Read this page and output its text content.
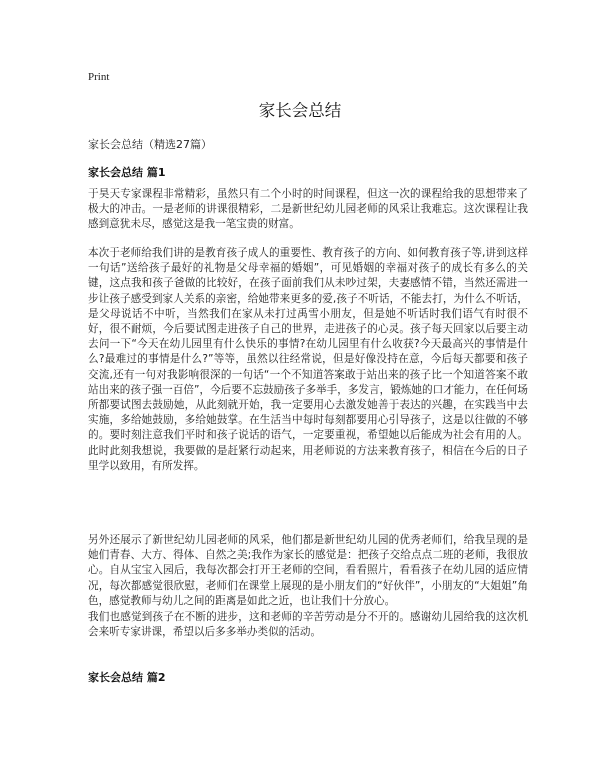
Print
家长会总结
家长会总结（精选27篇）
家长会总结 篇1

于昊天专家课程非常精彩，虽然只有二个小时的时间课程，但这一次的课程给我的思想带来了极大的冲击。一是老师的讲课很精彩，二是新世纪幼儿园老师的风采让我难忘。这次课程让我感到意犹未尽，感觉这是我一笔宝贵的财富。

本次于老师给我们讲的是教育孩子成人的重要性、教育孩子的方向、如何教育孩子等,讲到这样一句话”送给孩子最好的礼物是父母幸福的婚姻”，可见婚姻的幸福对孩子的成长有多么的关键，这点我和孩子爸做的比较好，在孩子面前我们从未吵过架，夫妻感情不错，当然还需进一步让孩子感受到家人关系的亲密，给她带来更多的爱,孩子不听话，不能去打，为什么不听话，是父母说话不中听，当然我们在家从未打过禹雪小朋友，但是她不听话时我们语气有时很不好，很不耐烦，今后要试图走进孩子自己的世界，走进孩子的心灵。孩子每天回家以后要主动去问一下“今天在幼儿园里有什么快乐的事情?在幼儿园里有什么收获?今天最高兴的事情是什么?最难过的事情是什么?”等等，虽然以往经常说，但是好像没持在意，今后每天都要和孩子交流,还有一句对我影响很深的一句话“一个不知道答案敢于站出来的孩子比一个知道答案不敢站出来的孩子强一百倍”，今后要不忘鼓励孩子多举手，多发言，锻炼她的口才能力，在任何场所都要试图去鼓励她，从此刻就开始，我一定要用心去激发她善于表达的兴趣，在实践当中去实施，多给她鼓励，多给她鼓掌。在生活当中每时每刻都要用心引导孩子，这是以往做的不够的。要时刻注意我们平时和孩子说话的语气，一定要重视，希望她以后能成为社会有用的人。此时此刻我想说，我要做的是赶紧行动起来，用老师说的方法来教育孩子，相信在今后的日子里学以致用，有所发挥。

另外还展示了新世纪幼儿园老师的风采，他们都是新世纪幼儿园的优秀老师们，给我呈现的是她们青春、大方、得体、自然之美;我作为家长的感觉是：把孩子交给点点二班的老师，我很放心。自从宝宝入园后，我每次都会打开王老师的空间，看看照片，看看孩子在幼儿园的适应情况，每次都感觉很欣慰，老师们在课堂上展现的是小朋友们的“好伙伴”，小朋友的“大姐姐”角色，感觉教师与幼儿之间的距离是如此之近，也让我们十分放心。

我们也感觉到孩子在不断的进步，这和老师的辛苦劳动是分不开的。感谢幼儿园给我的这次机会来听专家讲课，希望以后多多举办类似的活动。

家长会总结 篇2
